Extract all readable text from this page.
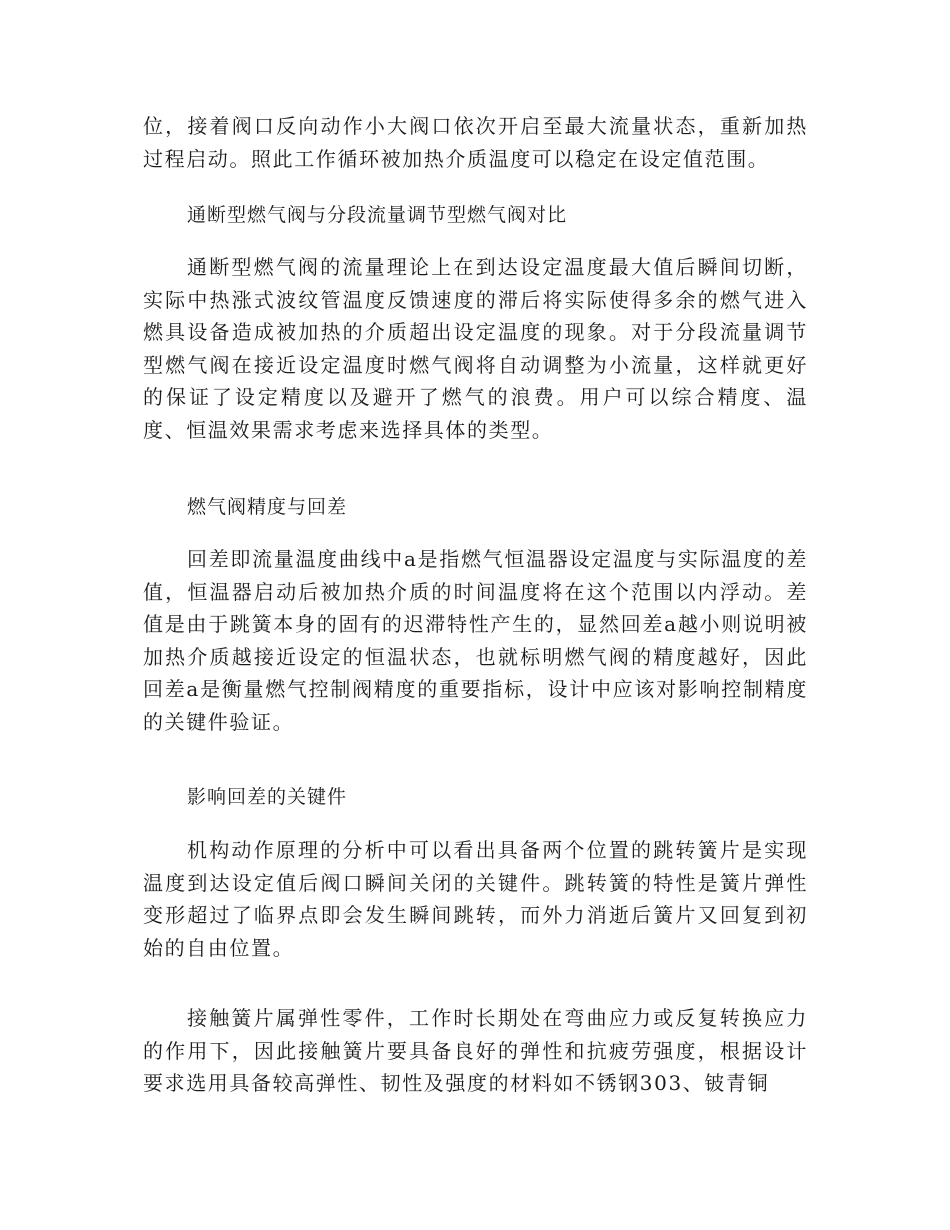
位，接着阀口反向动作小大阀口依次开启至最大流量状态，重新加热过程启动。照此工作循环被加热介质温度可以稳定在设定值范围。

通断型燃气阀与分段流量调节型燃气阀对比

通断型燃气阀的流量理论上在到达设定温度最大值后瞬间切断，实际中热涨式波纹管温度反馈速度的滞后将实际使得多余的燃气进入燃具设备造成被加热的介质超出设定温度的现象。对于分段流量调节型燃气阀在接近设定温度时燃气阀将自动调整为小流量，这样就更好的保证了设定精度以及避开了燃气的浪费。用户可以综合精度、温度、恒温效果需求考虑来选择具体的类型。

燃气阀精度与回差

回差即流量温度曲线中a是指燃气恒温器设定温度与实际温度的差值，恒温器启动后被加热介质的时间温度将在这个范围以内浮动。差值是由于跳簧本身的固有的迟滞特性产生的，显然回差a越小则说明被加热介质越接近设定的恒温状态，也就标明燃气阀的精度越好，因此回差a是衡量燃气控制阀精度的重要指标，设计中应该对影响控制精度的关键件验证。

影响回差的关键件

机构动作原理的分析中可以看出具备两个位置的跳转簧片是实现温度到达设定值后阀口瞬间关闭的关键件。跳转簧的特性是簧片弹性变形超过了临界点即会发生瞬间跳转，而外力消逝后簧片又回复到初始的自由位置。

接触簧片属弹性零件，工作时长期处在弯曲应力或反复转换应力的作用下，因此接触簧片要具备良好的弹性和抗疲劳强度，根据设计要求选用具备较高弹性、韧性及强度的材料如不锈钢303、铍青铜
